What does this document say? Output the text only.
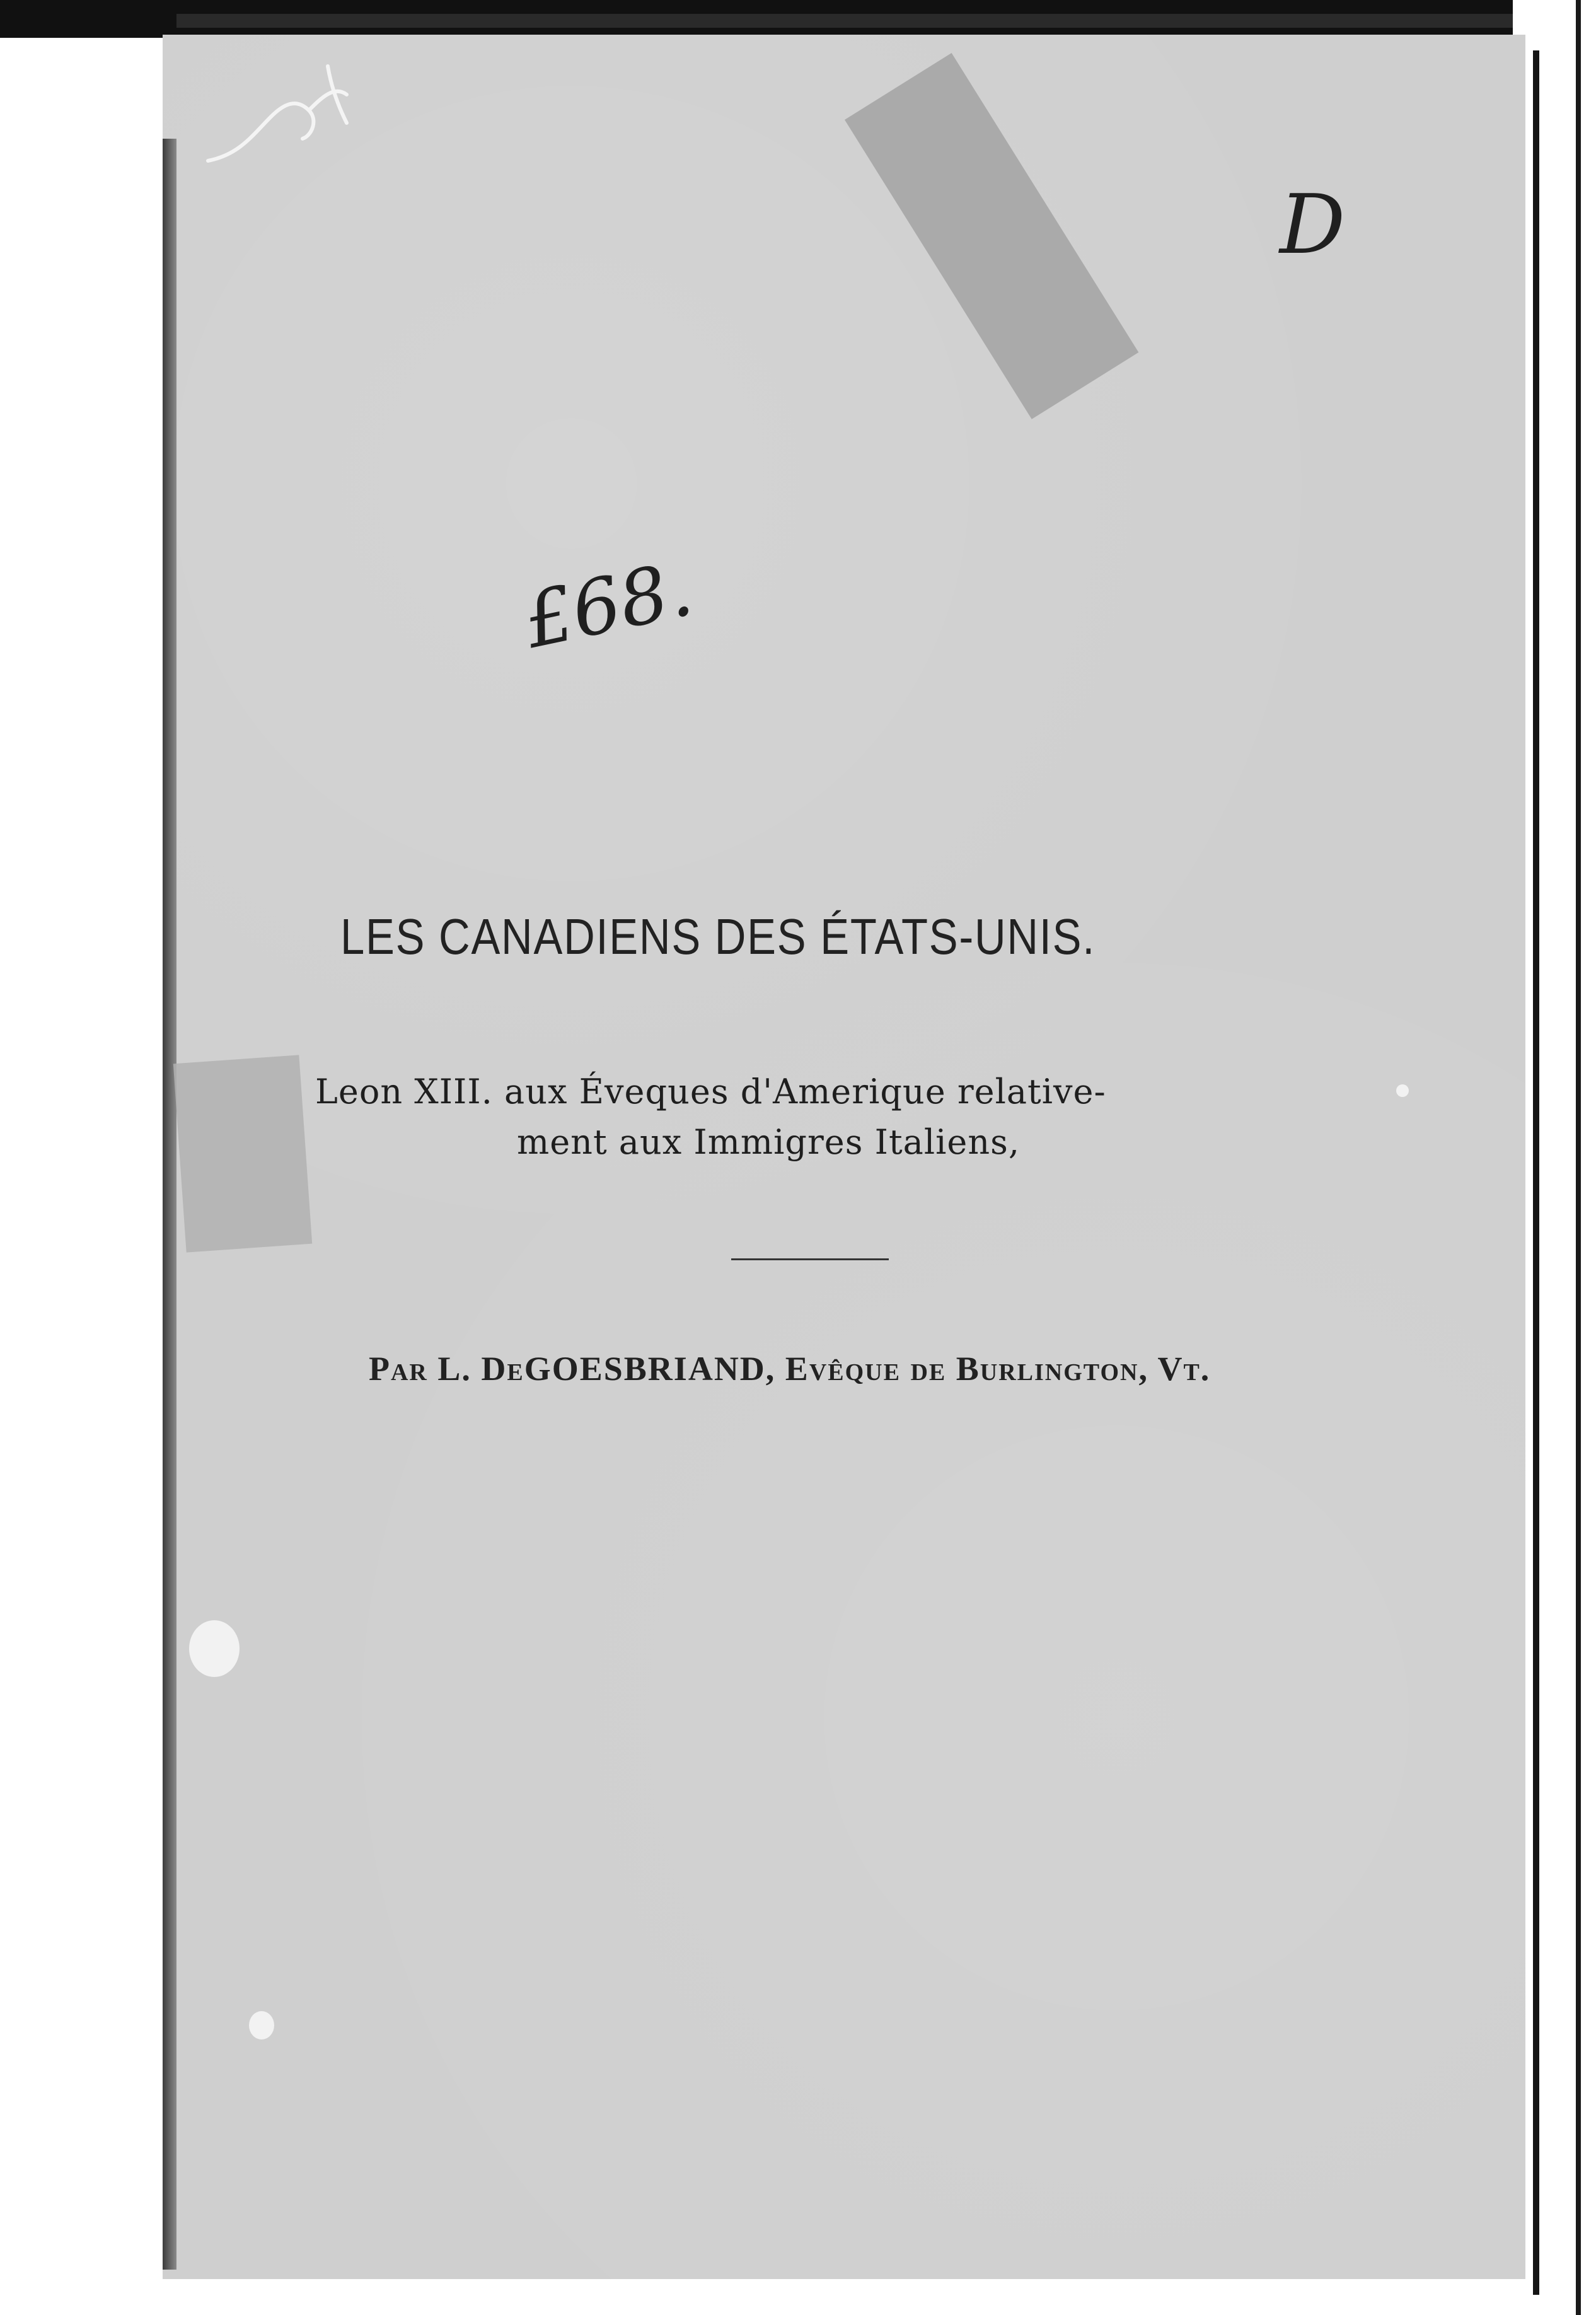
D
£68.
LES CANADIENS DES ÉTATS-UNIS.
Leon XIII. aux Éveques d'Amerique relative-
ment aux Immigres Italiens,
Par L. DeGOESBRIAND, Evêque de Burlington, Vt.
